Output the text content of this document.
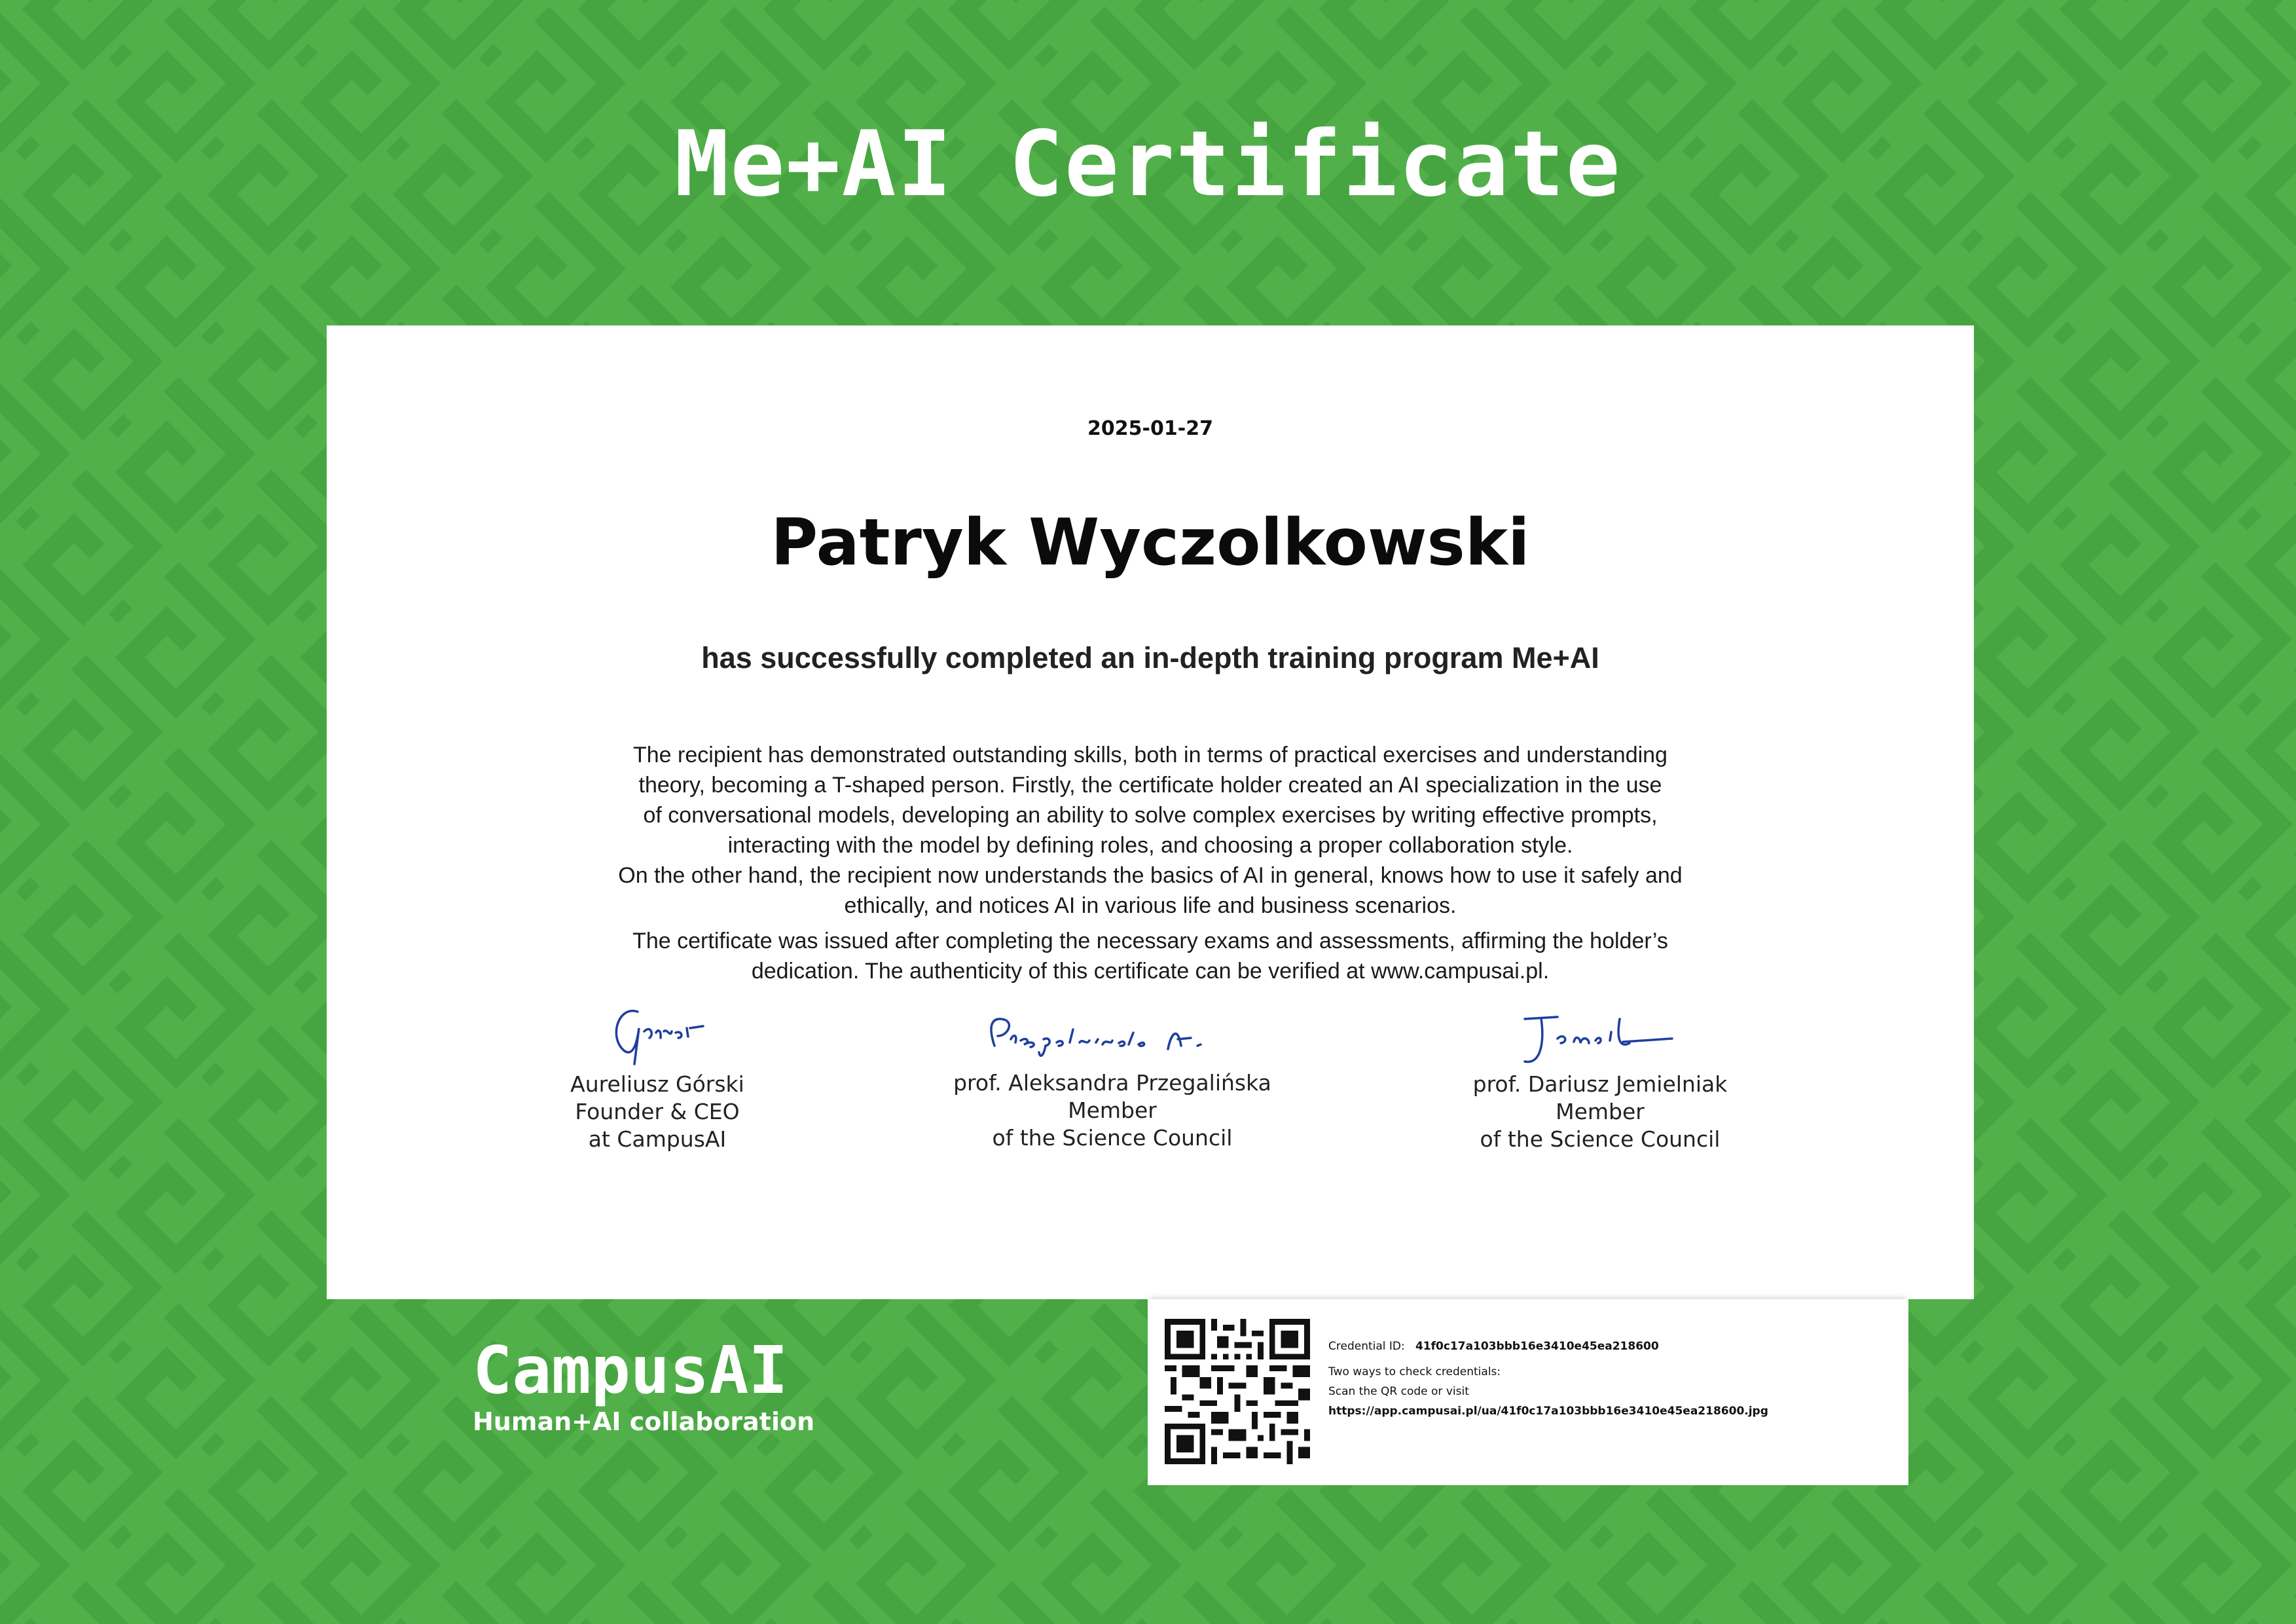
Me+AI Certificate
2025-01-27
Patryk Wyczolkowski
has successfully completed an in-depth training program Me+AI

The recipient has demonstrated outstanding skills, both in terms of practical exercises and understanding
theory, becoming a T-shaped person. Firstly, the certificate holder created an AI specialization in the use
of conversational models, developing an ability to solve complex exercises by writing effective prompts,
interacting with the model by defining roles, and choosing a proper collaboration style.
On the other hand, the recipient now understands the basics of AI in general, knows how to use it safely and
ethically, and notices AI in various life and business scenarios.

The certificate was issued after completing the necessary exams and assessments, affirming the holder’s
dedication. The authenticity of this certificate can be verified at www.campusai.pl.

Aureliusz Górski
Founder & CEO
at CampusAI
prof. Aleksandra Przegalińska
Member
of the Science Council
prof. Dariusz Jemielniak
Member
of the Science Council
CampusAI
Human+AI collaboration
Credential ID: 41f0c17a103bbb16e3410e45ea218600
Two ways to check credentials:
Scan the QR code or visit
https://app.campusai.pl/ua/41f0c17a103bbb16e3410e45ea218600.jpg
